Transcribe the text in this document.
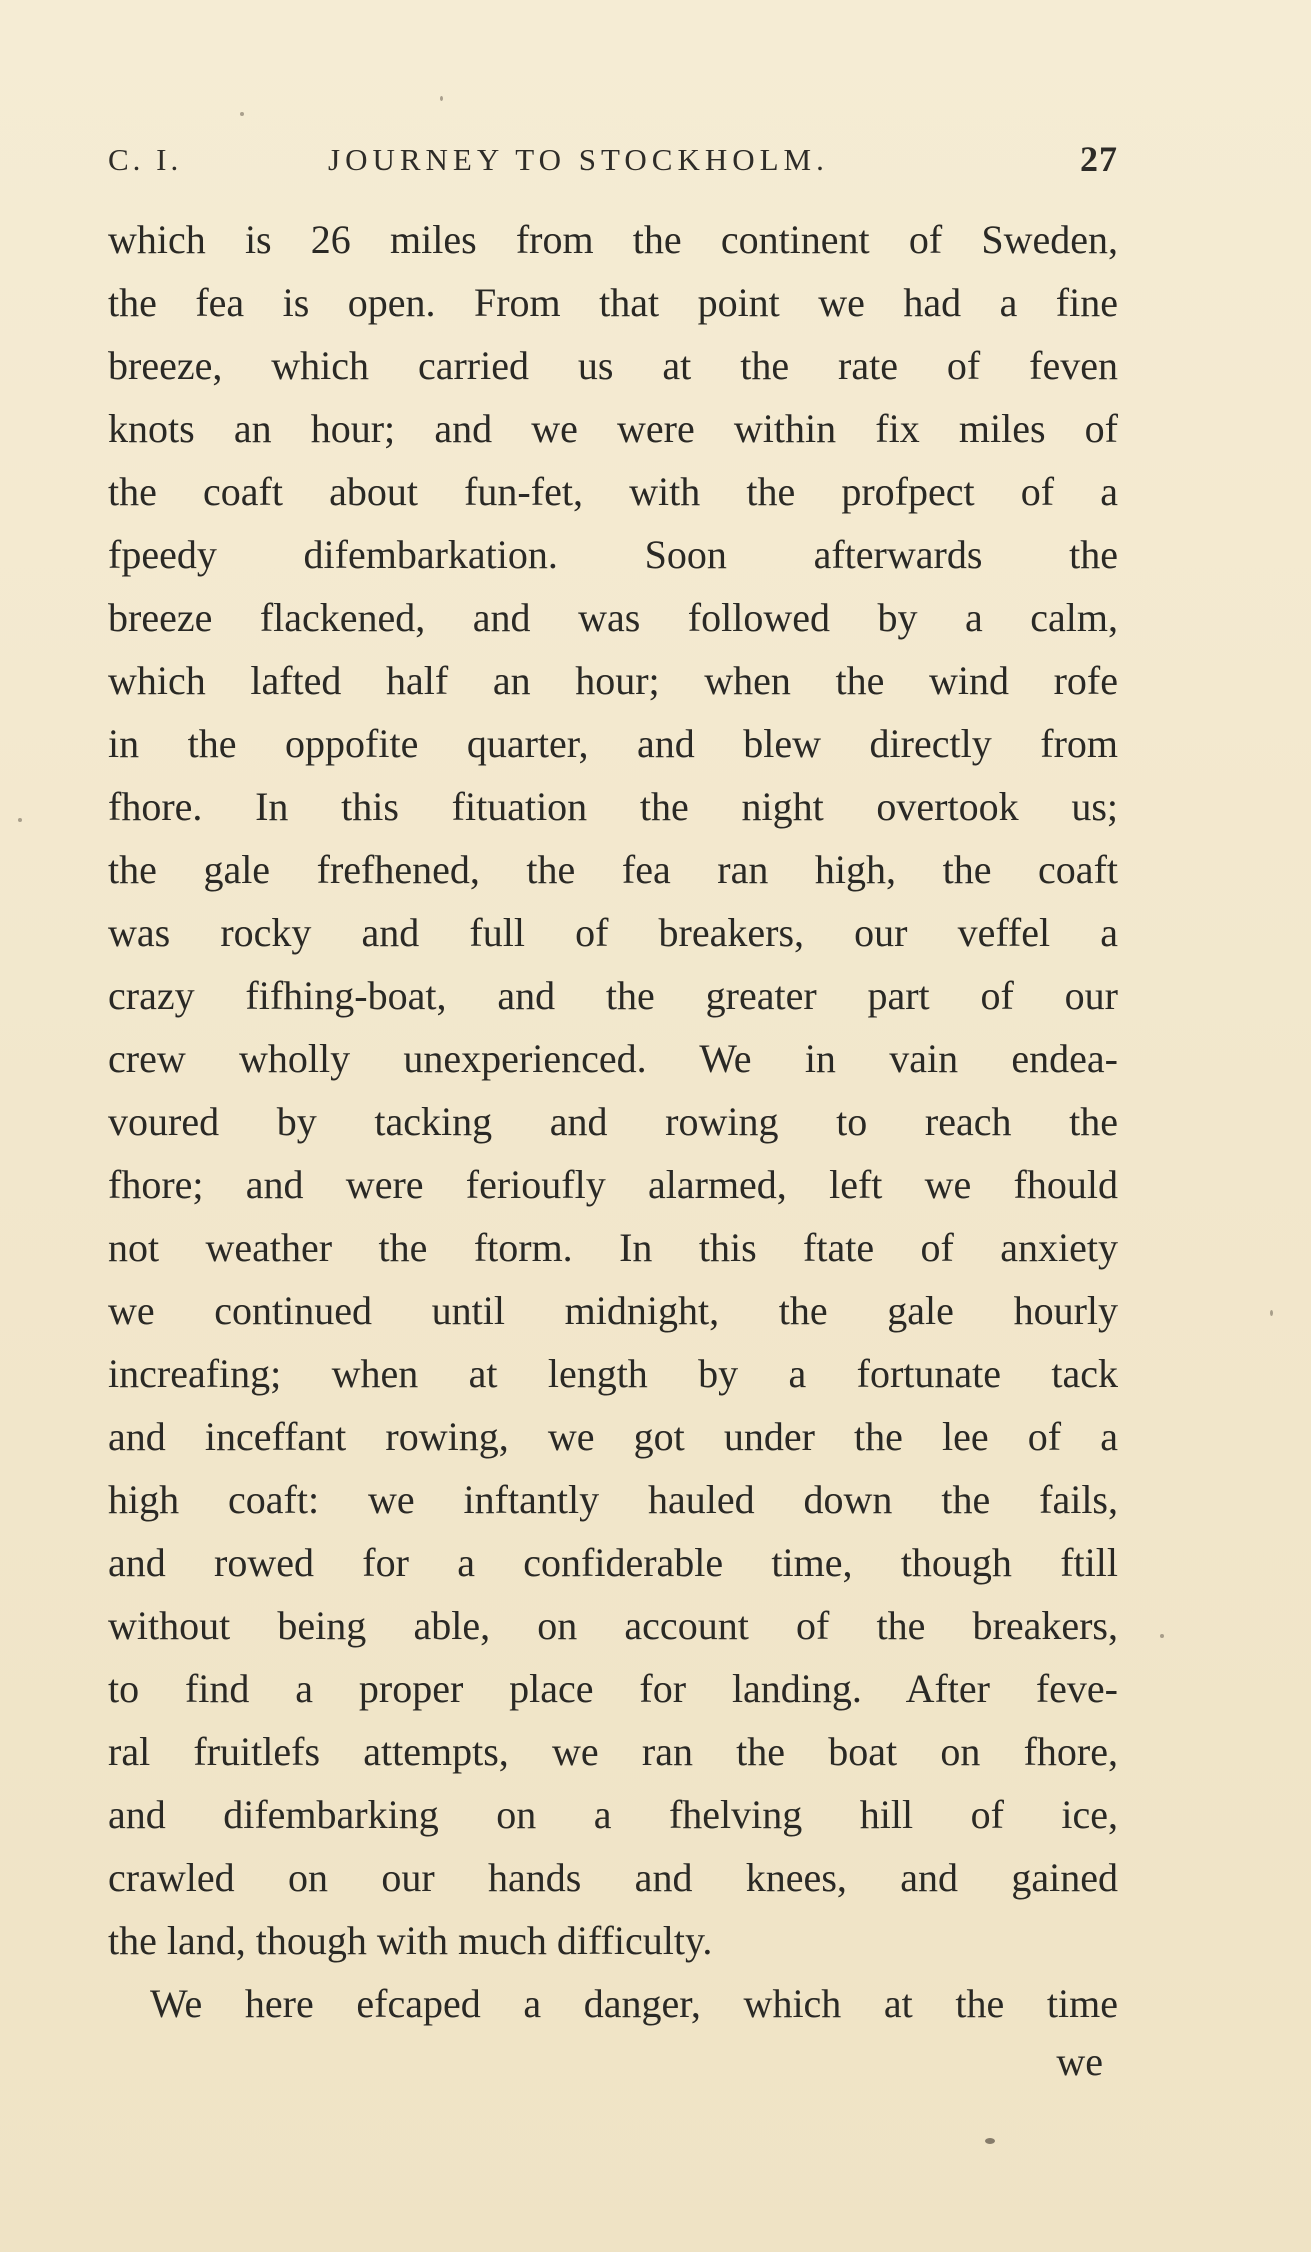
C. I.	JOURNEY TO STOCKHOLM.	27
which is 26 miles from the continent of Sweden,
the fea is open. From that point we had a fine
breeze, which carried us at the rate of feven
knots an hour; and we were within fix miles of
the coaft about fun-fet, with the profpect of a
fpeedy difembarkation. Soon afterwards the
breeze flackened, and was followed by a calm,
which lafted half an hour; when the wind rofe
in the oppofite quarter, and blew directly from
fhore. In this fituation the night overtook us;
the gale frefhened, the fea ran high, the coaft
was rocky and full of breakers, our veffel a
crazy fifhing-boat, and the greater part of our
crew wholly unexperienced. We in vain endea-
voured by tacking and rowing to reach the
fhore; and were ferioufly alarmed, left we fhould
not weather the ftorm. In this ftate of anxiety
we continued until midnight, the gale hourly
increafing; when at length by a fortunate tack
and inceffant rowing, we got under the lee of a
high coaft: we inftantly hauled down the fails,
and rowed for a confiderable time, though ftill
without being able, on account of the breakers,
to find a proper place for landing. After feve-
ral fruitlefs attempts, we ran the boat on fhore,
and difembarking on a fhelving hill of ice,
crawled on our hands and knees, and gained
the land, though with much difficulty.
We here efcaped a danger, which at the time
we
